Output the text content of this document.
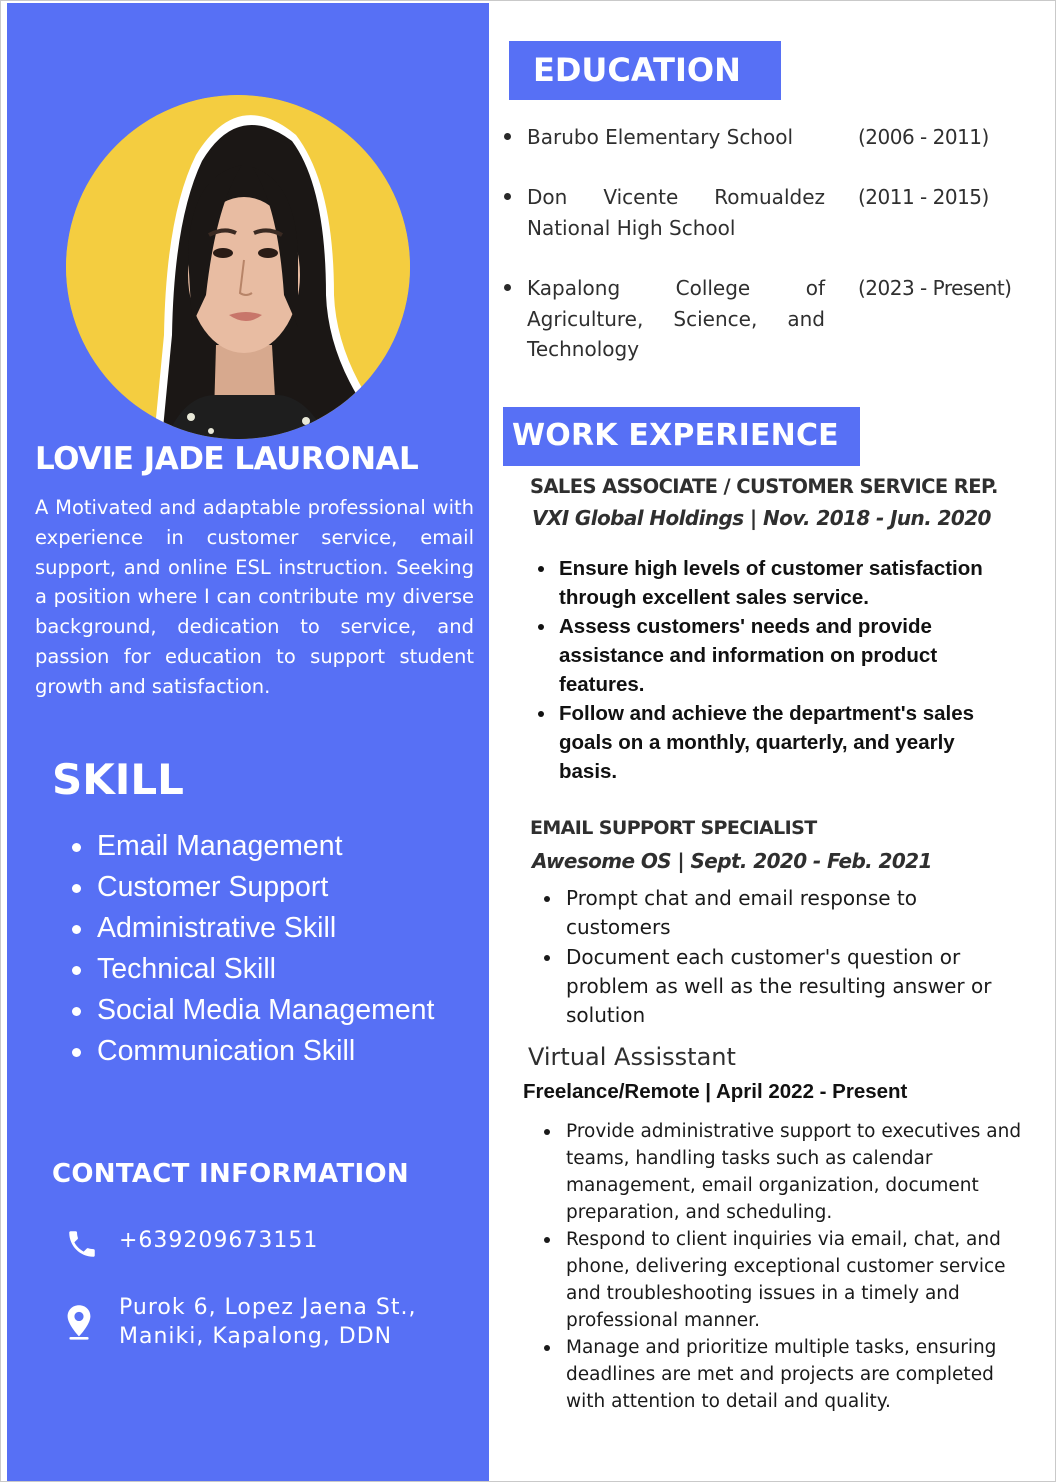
LOVIE JADE LAURONAL

A Motivated and adaptable professional with experience in customer service, email support, and online ESL instruction. Seeking a position where I can contribute my diverse background, dedication to service, and passion for education to support student growth and satisfaction.

SKILL
Email Management
Customer Support
Administrative Skill
Technical Skill
Social Media Management
Communication Skill
CONTACT INFORMATION
+639209673151
Purok 6, Lopez Jaena St.,
Maniki, Kapalong, DDN
EDUCATION
Barubo Elementary School	(2006 - 2011)
Don Vicente Romualdez National High School
(2011 - 2015)
Kapalong College of Agriculture, Science, and Technology
(2023 - Present)
WORK EXPERIENCE
SALES ASSOCIATE / CUSTOMER SERVICE REP.
VXI Global Holdings | Nov. 2018 - Jun. 2020
Ensure high levels of customer satisfaction through excellent sales service.
Assess customers' needs and provide assistance and information on product features.
Follow and achieve the department's sales goals on a monthly, quarterly, and yearly basis.
EMAIL SUPPORT SPECIALIST
Awesome OS | Sept. 2020 - Feb. 2021
Prompt chat and email response to customers
Document each customer's question or problem as well as the resulting answer or solution
Virtual Assisstant
Freelance/Remote | April 2022 - Present
Provide administrative support to executives and teams, handling tasks such as calendar management, email organization, document preparation, and scheduling.
Respond to client inquiries via email, chat, and phone, delivering exceptional customer service and troubleshooting issues in a timely and professional manner.
Manage and prioritize multiple tasks, ensuring deadlines are met and projects are completed with attention to detail and quality.
